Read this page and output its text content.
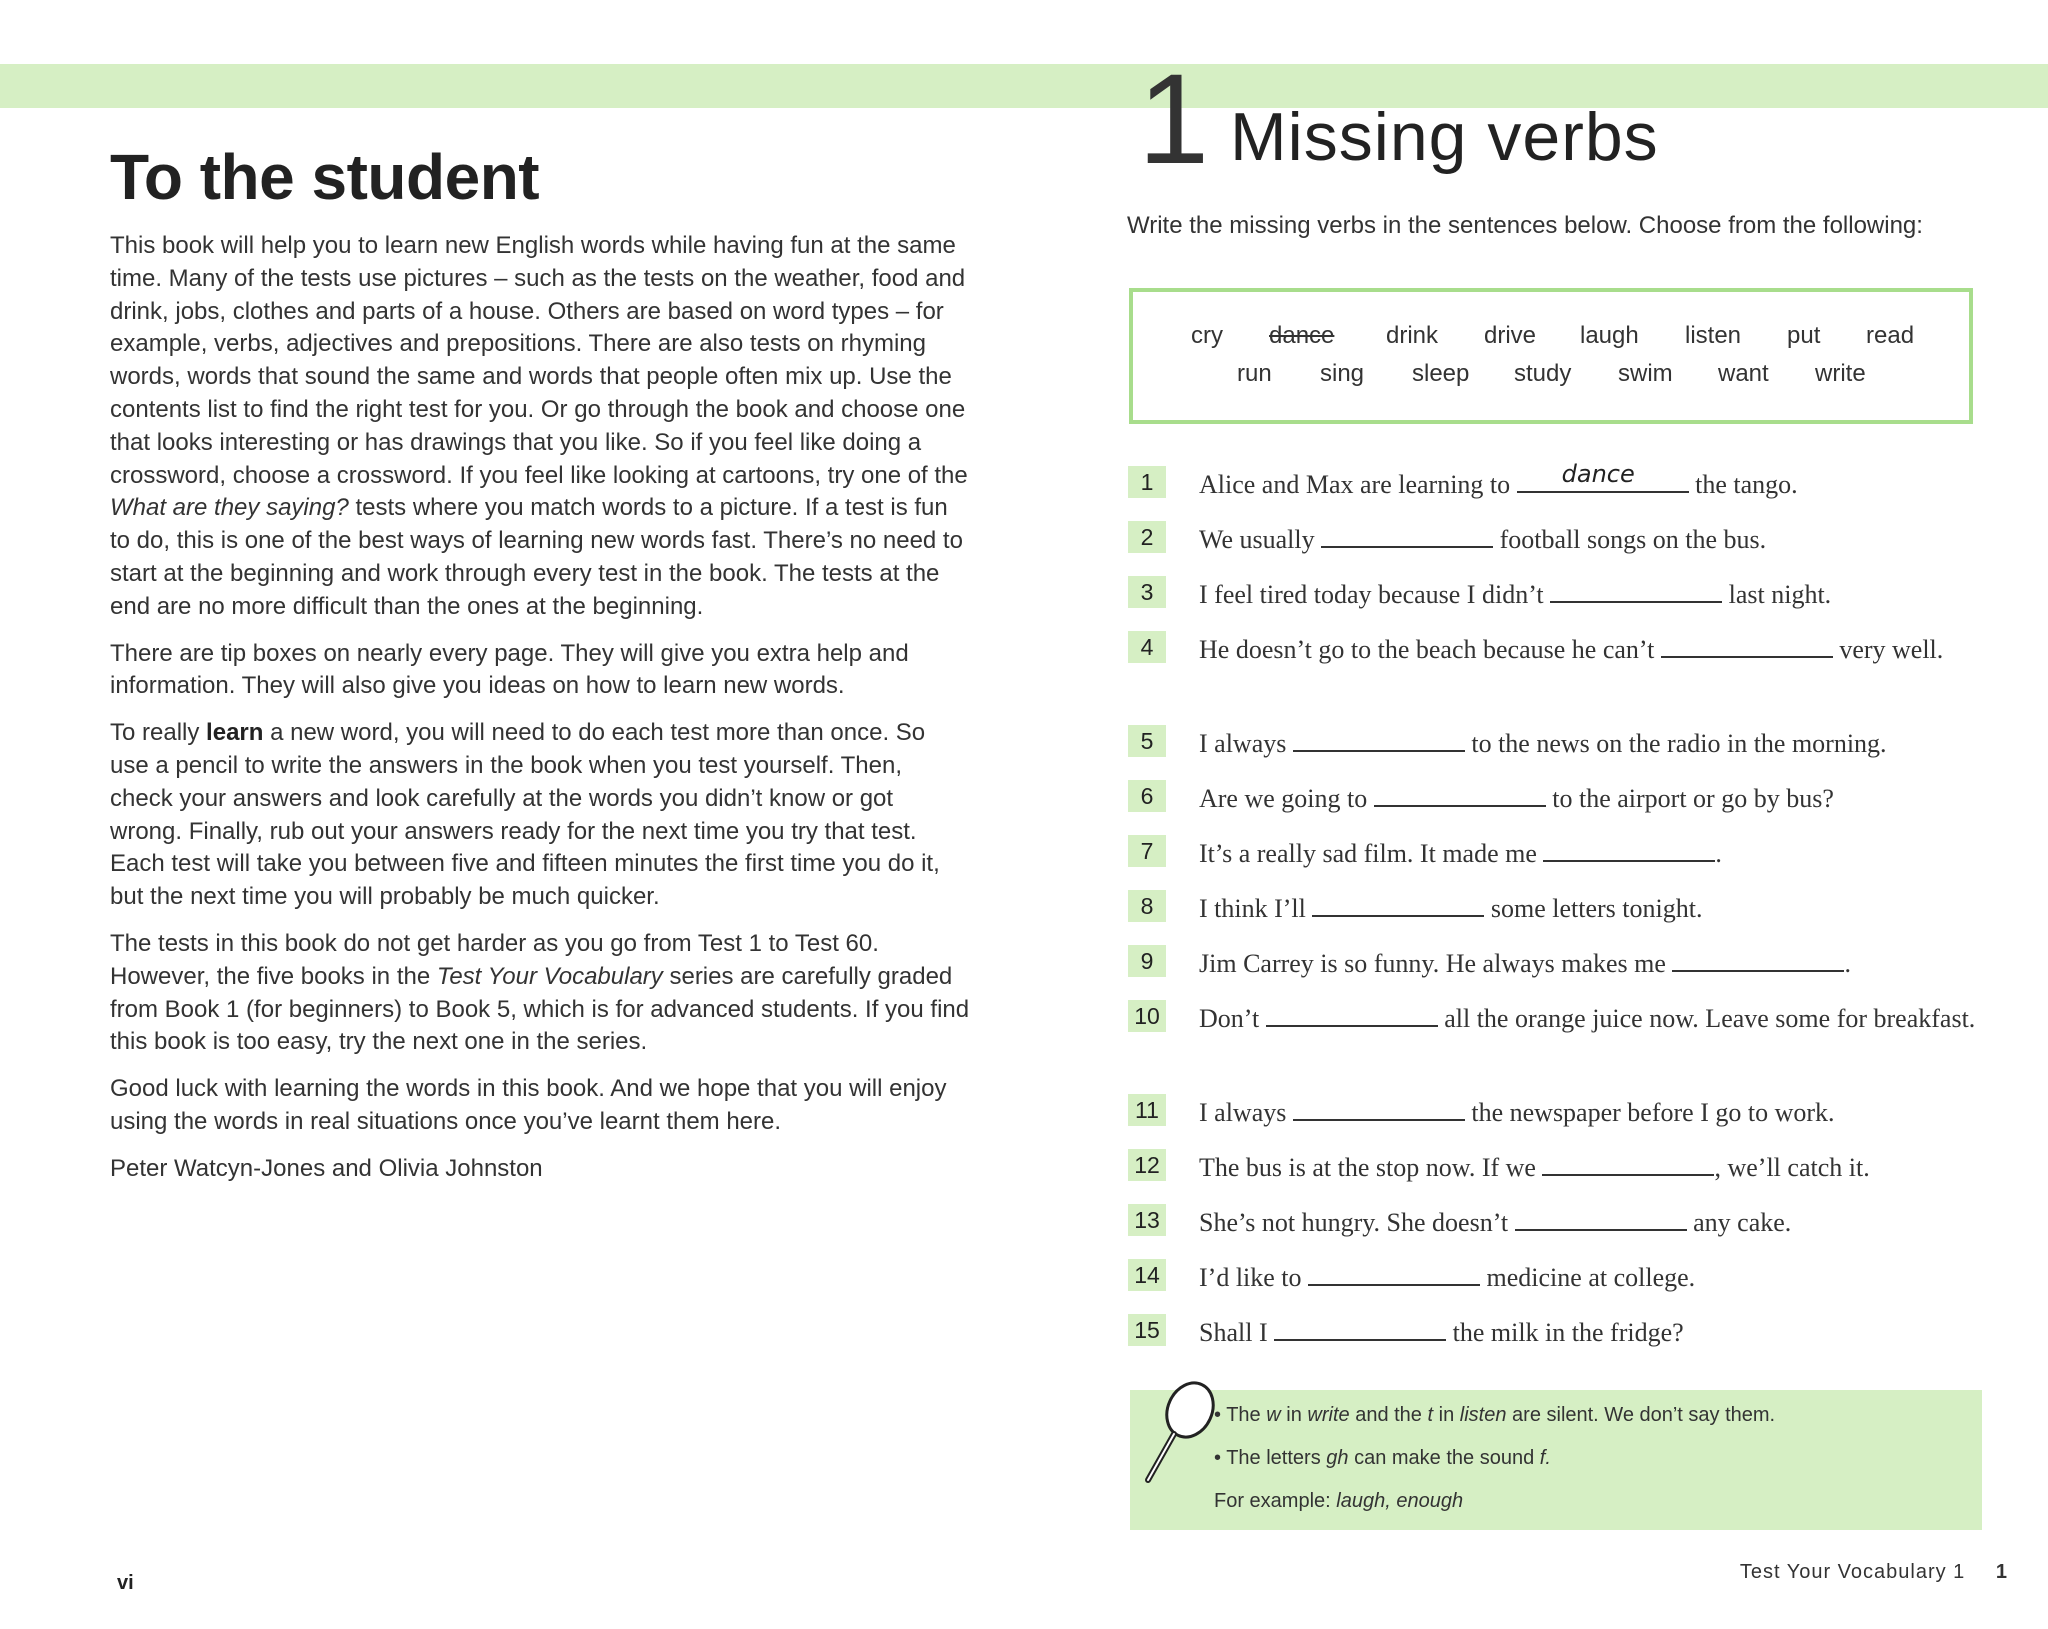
To the student

This book will help you to learn new English words while having fun at the same time. Many of the tests use pictures – such as the tests on the weather, food and drink, jobs, clothes and parts of a house. Others are based on word types – for example, verbs, adjectives and prepositions. There are also tests on rhyming words, words that sound the same and words that people often mix up. Use the contents list to find the right test for you. Or go through the book and choose one that looks interesting or has drawings that you like. So if you feel like doing a crossword, choose a crossword. If you feel like looking at cartoons, try one of the What are they saying? tests where you match words to a picture. If a test is fun to do, this is one of the best ways of learning new words fast. There’s no need to start at the beginning and work through every test in the book. The tests at the end are no more difficult than the ones at the beginning.

There are tip boxes on nearly every page. They will give you extra help and information. They will also give you ideas on how to learn new words.

To really learn a new word, you will need to do each test more than once. So use a pencil to write the answers in the book when you test yourself. Then, check your answers and look carefully at the words you didn’t know or got wrong. Finally, rub out your answers ready for the next time you try that test. Each test will take you between five and fifteen minutes the first time you do it, but the next time you will probably be much quicker.

The tests in this book do not get harder as you go from Test 1 to Test 60. However, the five books in the Test Your Vocabulary series are carefully graded from Book 1 (for beginners) to Book 5, which is for advanced students. If you find this book is too easy, try the next one in the series.

Good luck with learning the words in this book. And we hope that you will enjoy using the words in real situations once you’ve learnt them here.

Peter Watcyn-Jones and Olivia Johnston

vi
1 Missing verbs
Write the missing verbs in the sentences below. Choose from the following:
cry dance drink drive laugh listen put read
run sing sleep study swim want write
1	Alice and Max are learning to dance the tango.
2	We usually	football songs on the bus.
3	I feel tired today because I didn’t	last night.
4	He doesn’t go to the beach because he can’t	very well.
5	I always	to the news on the radio in the morning.
6	Are we going to	to the airport or go by bus?
7	It’s a really sad film. It made me	.
8	I think I’ll	some letters tonight.
9	Jim Carrey is so funny. He always makes me	.
10 Don’t	all the orange juice now. Leave some for breakfast.
11 I always	the newspaper before I go to work.
12 The bus is at the stop now. If we	, we’ll catch it.
13 She’s not hungry. She doesn’t	any cake.
14 I’d like to	medicine at college.
15 Shall I	the milk in the fridge?
• The w in write and the t in listen are silent. We don’t say them.
• The letters gh can make the sound f.
For example: laugh, enough
Test Your Vocabulary 1 1
